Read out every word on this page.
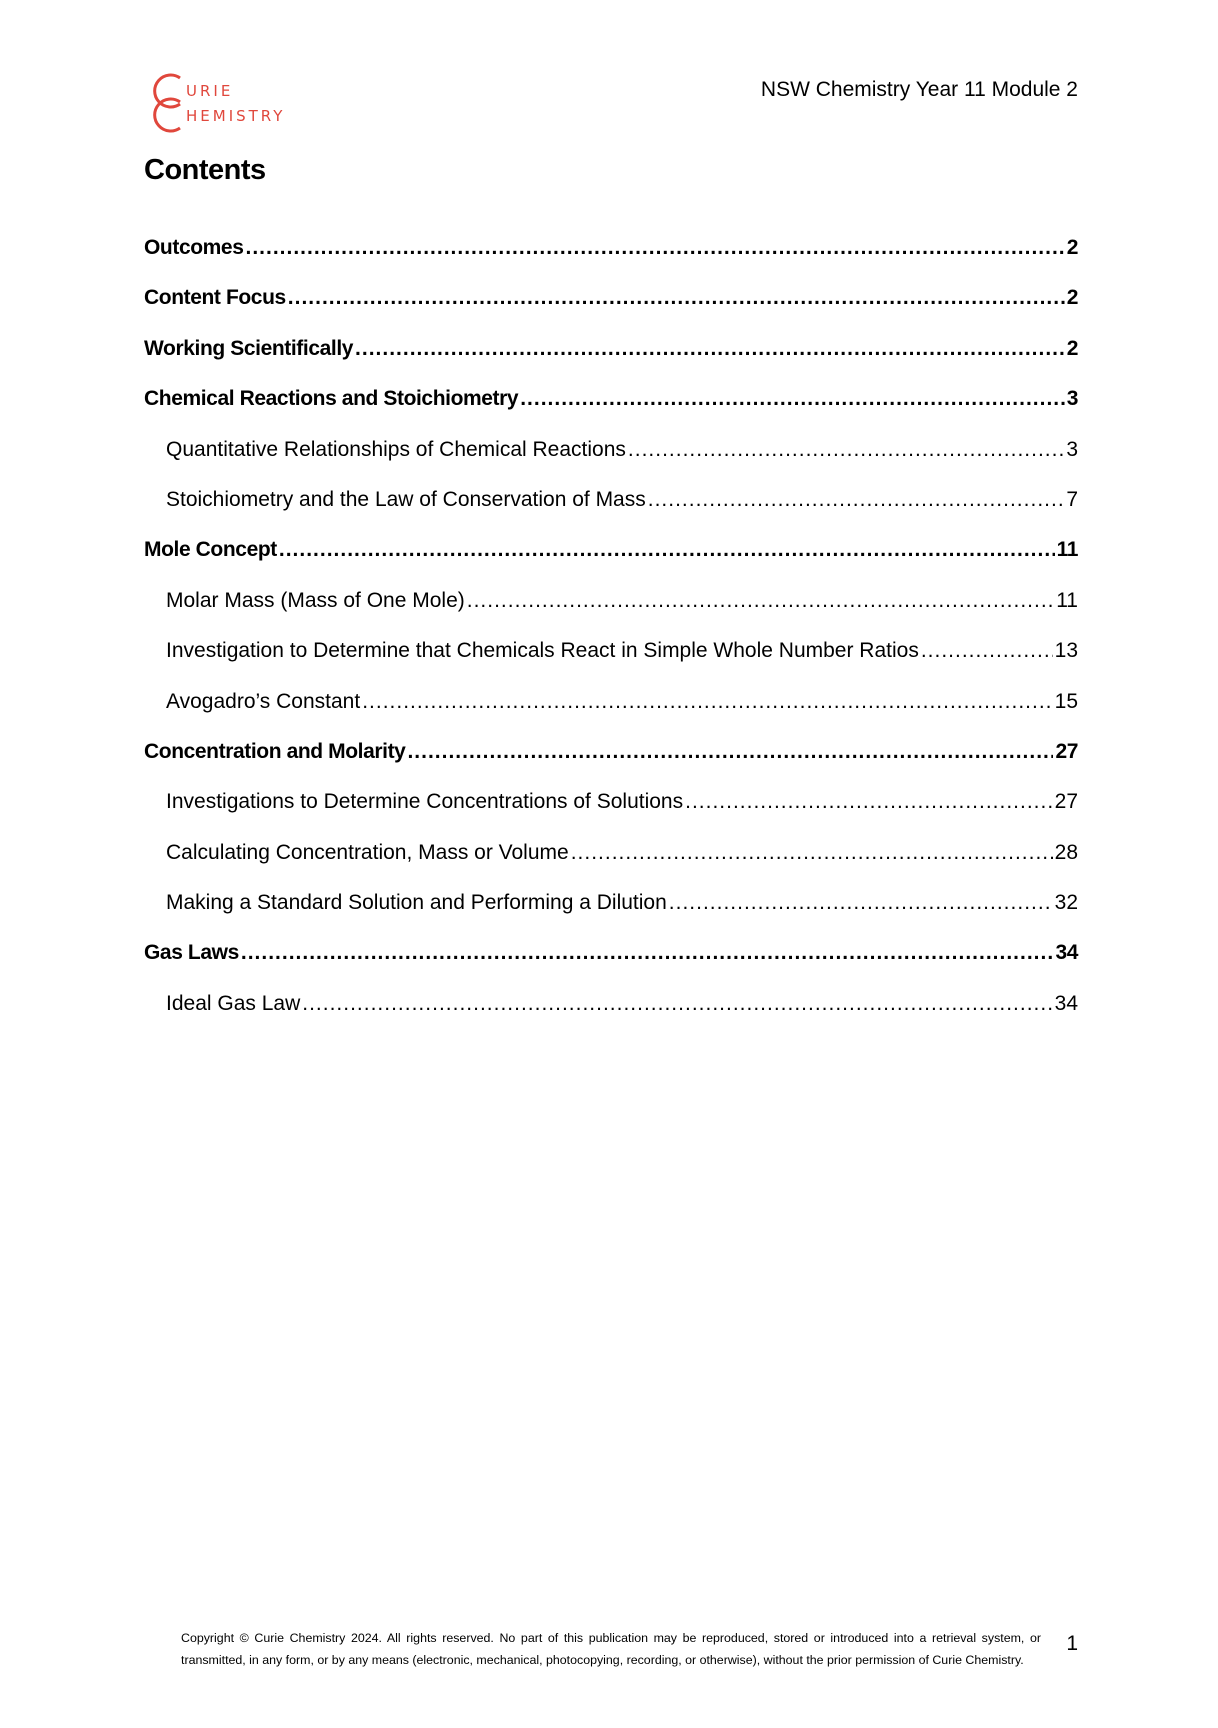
URIE
HEMISTRY
NSW Chemistry Year 11 Module 2
Contents
Outcomes .....	2
Content Focus .....	2
Working Scientifically .....	2
Chemical Reactions and Stoichiometry .....	3
Quantitative Relationships of Chemical Reactions .....	3
Stoichiometry and the Law of Conservation of Mass .....	7
Mole Concept .....	11
Molar Mass (Mass of One Mole) .....	11
Investigation to Determine that Chemicals React in Simple Whole Number Ratios .....	13
Avogadro’s Constant .....	15
Concentration and Molarity .....	27
Investigations to Determine Concentrations of Solutions .....	27
Calculating Concentration, Mass or Volume .....	28
Making a Standard Solution and Performing a Dilution .....	32
Gas Laws .....	34
Ideal Gas Law .....	34
Copyright © Curie Chemistry 2024. All rights reserved. No part of this publication may be reproduced, stored or introduced into a retrieval system, or transmitted, in any form, or by any means (electronic, mechanical, photocopying, recording, or otherwise), without the prior permission of Curie Chemistry.
1
